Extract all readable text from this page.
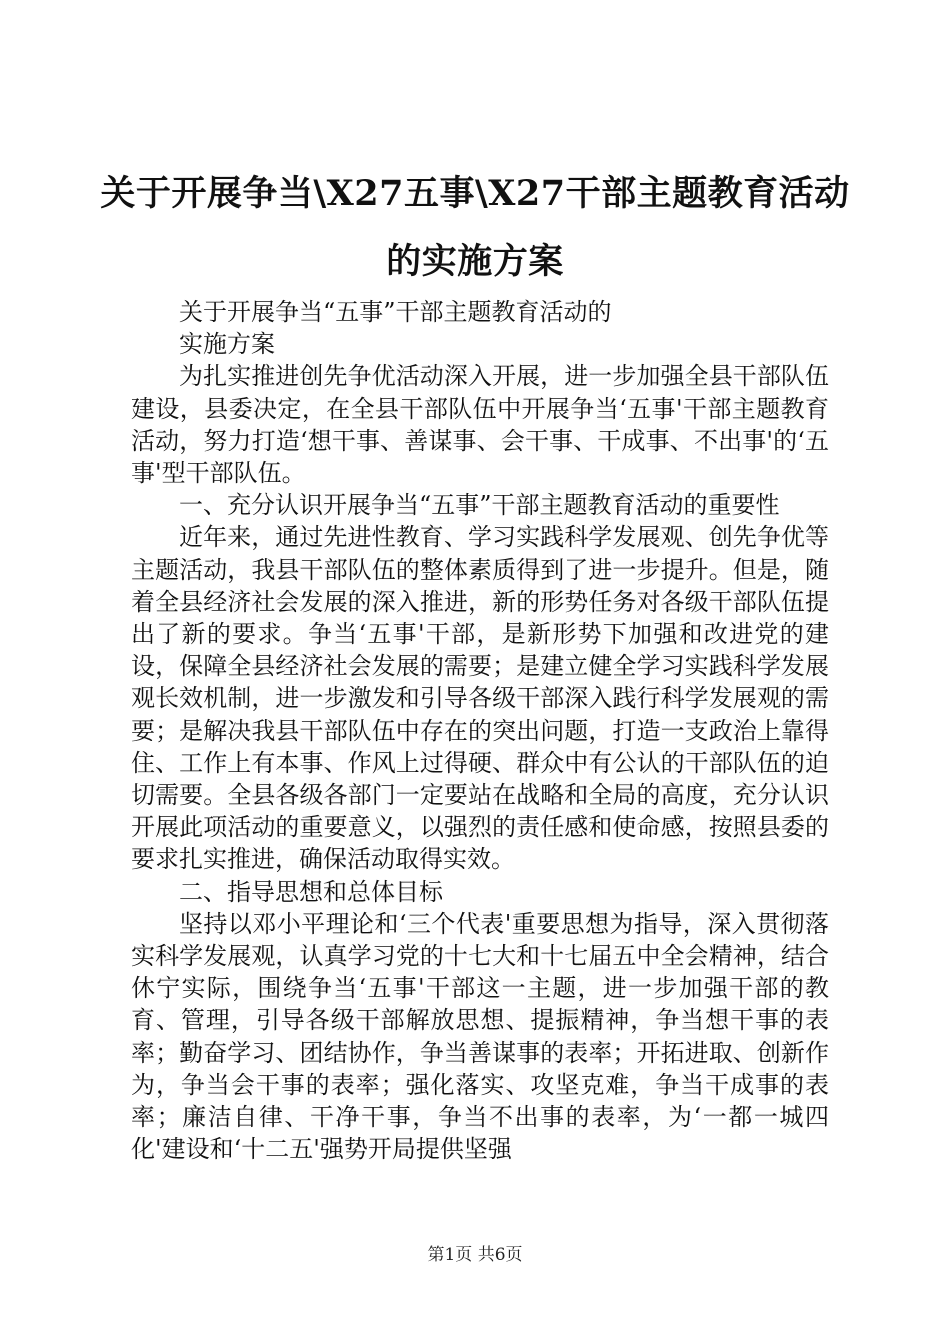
关于开展争当\X27五事\X27干部主题教育活动的实施方案

关于开展争当“五事”干部主题教育活动的

实施方案

为扎实推进创先争优活动深入开展，进一步加强全县干部队伍建设，县委决定，在全县干部队伍中开展争当‘五事'干部主题教育活动，努力打造‘想干事、善谋事、会干事、干成事、不出事'的‘五事'型干部队伍。

一、充分认识开展争当“五事”干部主题教育活动的重要性

近年来，通过先进性教育、学习实践科学发展观、创先争优等主题活动，我县干部队伍的整体素质得到了进一步提升。但是，随着全县经济社会发展的深入推进，新的形势任务对各级干部队伍提出了新的要求。争当‘五事'干部，是新形势下加强和改进党的建设，保障全县经济社会发展的需要；是建立健全学习实践科学发展观长效机制，进一步激发和引导各级干部深入践行科学发展观的需要；是解决我县干部队伍中存在的突出问题，打造一支政治上靠得住、工作上有本事、作风上过得硬、群众中有公认的干部队伍的迫切需要。全县各级各部门一定要站在战略和全局的高度，充分认识开展此项活动的重要意义，以强烈的责任感和使命感，按照县委的要求扎实推进，确保活动取得实效。

二、指导思想和总体目标

坚持以邓小平理论和‘三个代表'重要思想为指导，深入贯彻落实科学发展观，认真学习党的十七大和十七届五中全会精神，结合休宁实际，围绕争当‘五事'干部这一主题，进一步加强干部的教育、管理，引导各级干部解放思想、提振精神，争当想干事的表率；勤奋学习、团结协作，争当善谋事的表率；开拓进取、创新作为，争当会干事的表率；强化落实、攻坚克难，争当干成事的表率；廉洁自律、干净干事，争当不出事的表率，为‘一都一城四化'建设和‘十二五'强势开局提供坚强

第1页 共6页
